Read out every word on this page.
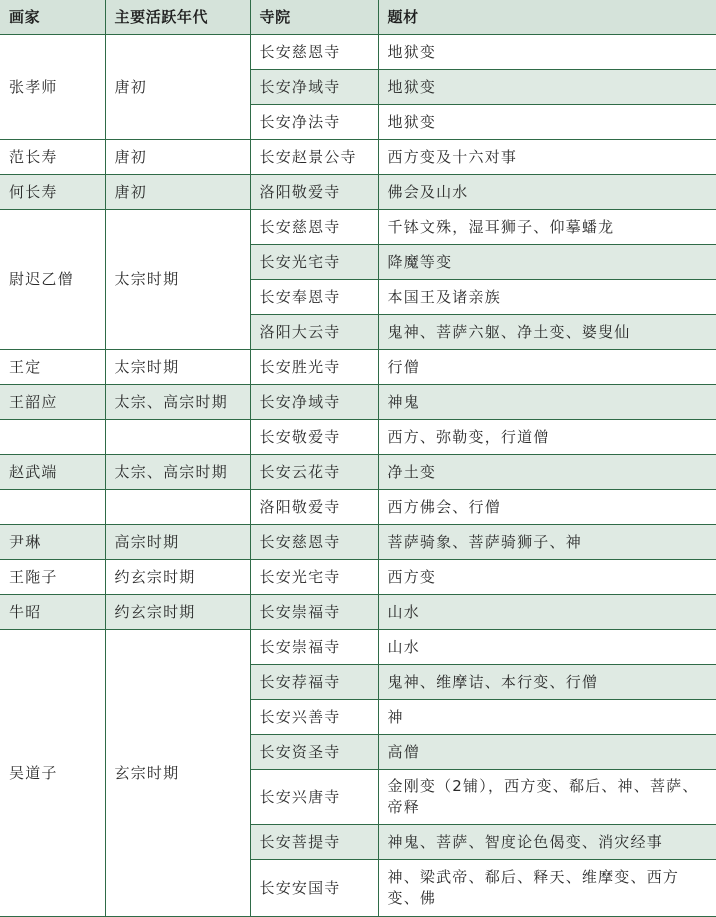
画家	主要活跃年代	寺院	题材
张孝师	唐初	长安慈恩寺	地狱变
		长安净域寺	地狱变
		长安净法寺	地狱变
范长寿	唐初	长安赵景公寺	西方变及十六对事
何长寿	唐初	洛阳敬爱寺	佛会及山水
尉迟乙僧	太宗时期	长安慈恩寺	千钵文殊，湿耳狮子、仰摹蟠龙
		长安光宅寺	降魔等变
		长安奉恩寺	本国王及诸亲族
		洛阳大云寺	鬼神、菩萨六躯、净土变、婆叟仙
王定	太宗时期	长安胜光寺	行僧
王韶应	太宗、高宗时期	长安净域寺	神鬼
		长安敬爱寺	西方、弥勒变，行道僧
赵武端	太宗、高宗时期	长安云花寺	净土变
		洛阳敬爱寺	西方佛会、行僧
尹琳	高宗时期	长安慈恩寺	菩萨骑象、菩萨骑狮子、神
王陁子	约玄宗时期	长安光宅寺	西方变
牛昭	约玄宗时期	长安崇福寺	山水
吴道子	玄宗时期	长安崇福寺	山水
		长安荐福寺	鬼神、维摩诘、本行变、行僧
		长安兴善寺	神
		长安资圣寺	高僧
		长安兴唐寺	金刚变（2铺），西方变、郗后、神、菩萨、帝释
		长安菩提寺	神鬼、菩萨、智度论色偈变、消灾经事
		长安安国寺	神、梁武帝、郗后、释天、维摩变、西方变、佛
